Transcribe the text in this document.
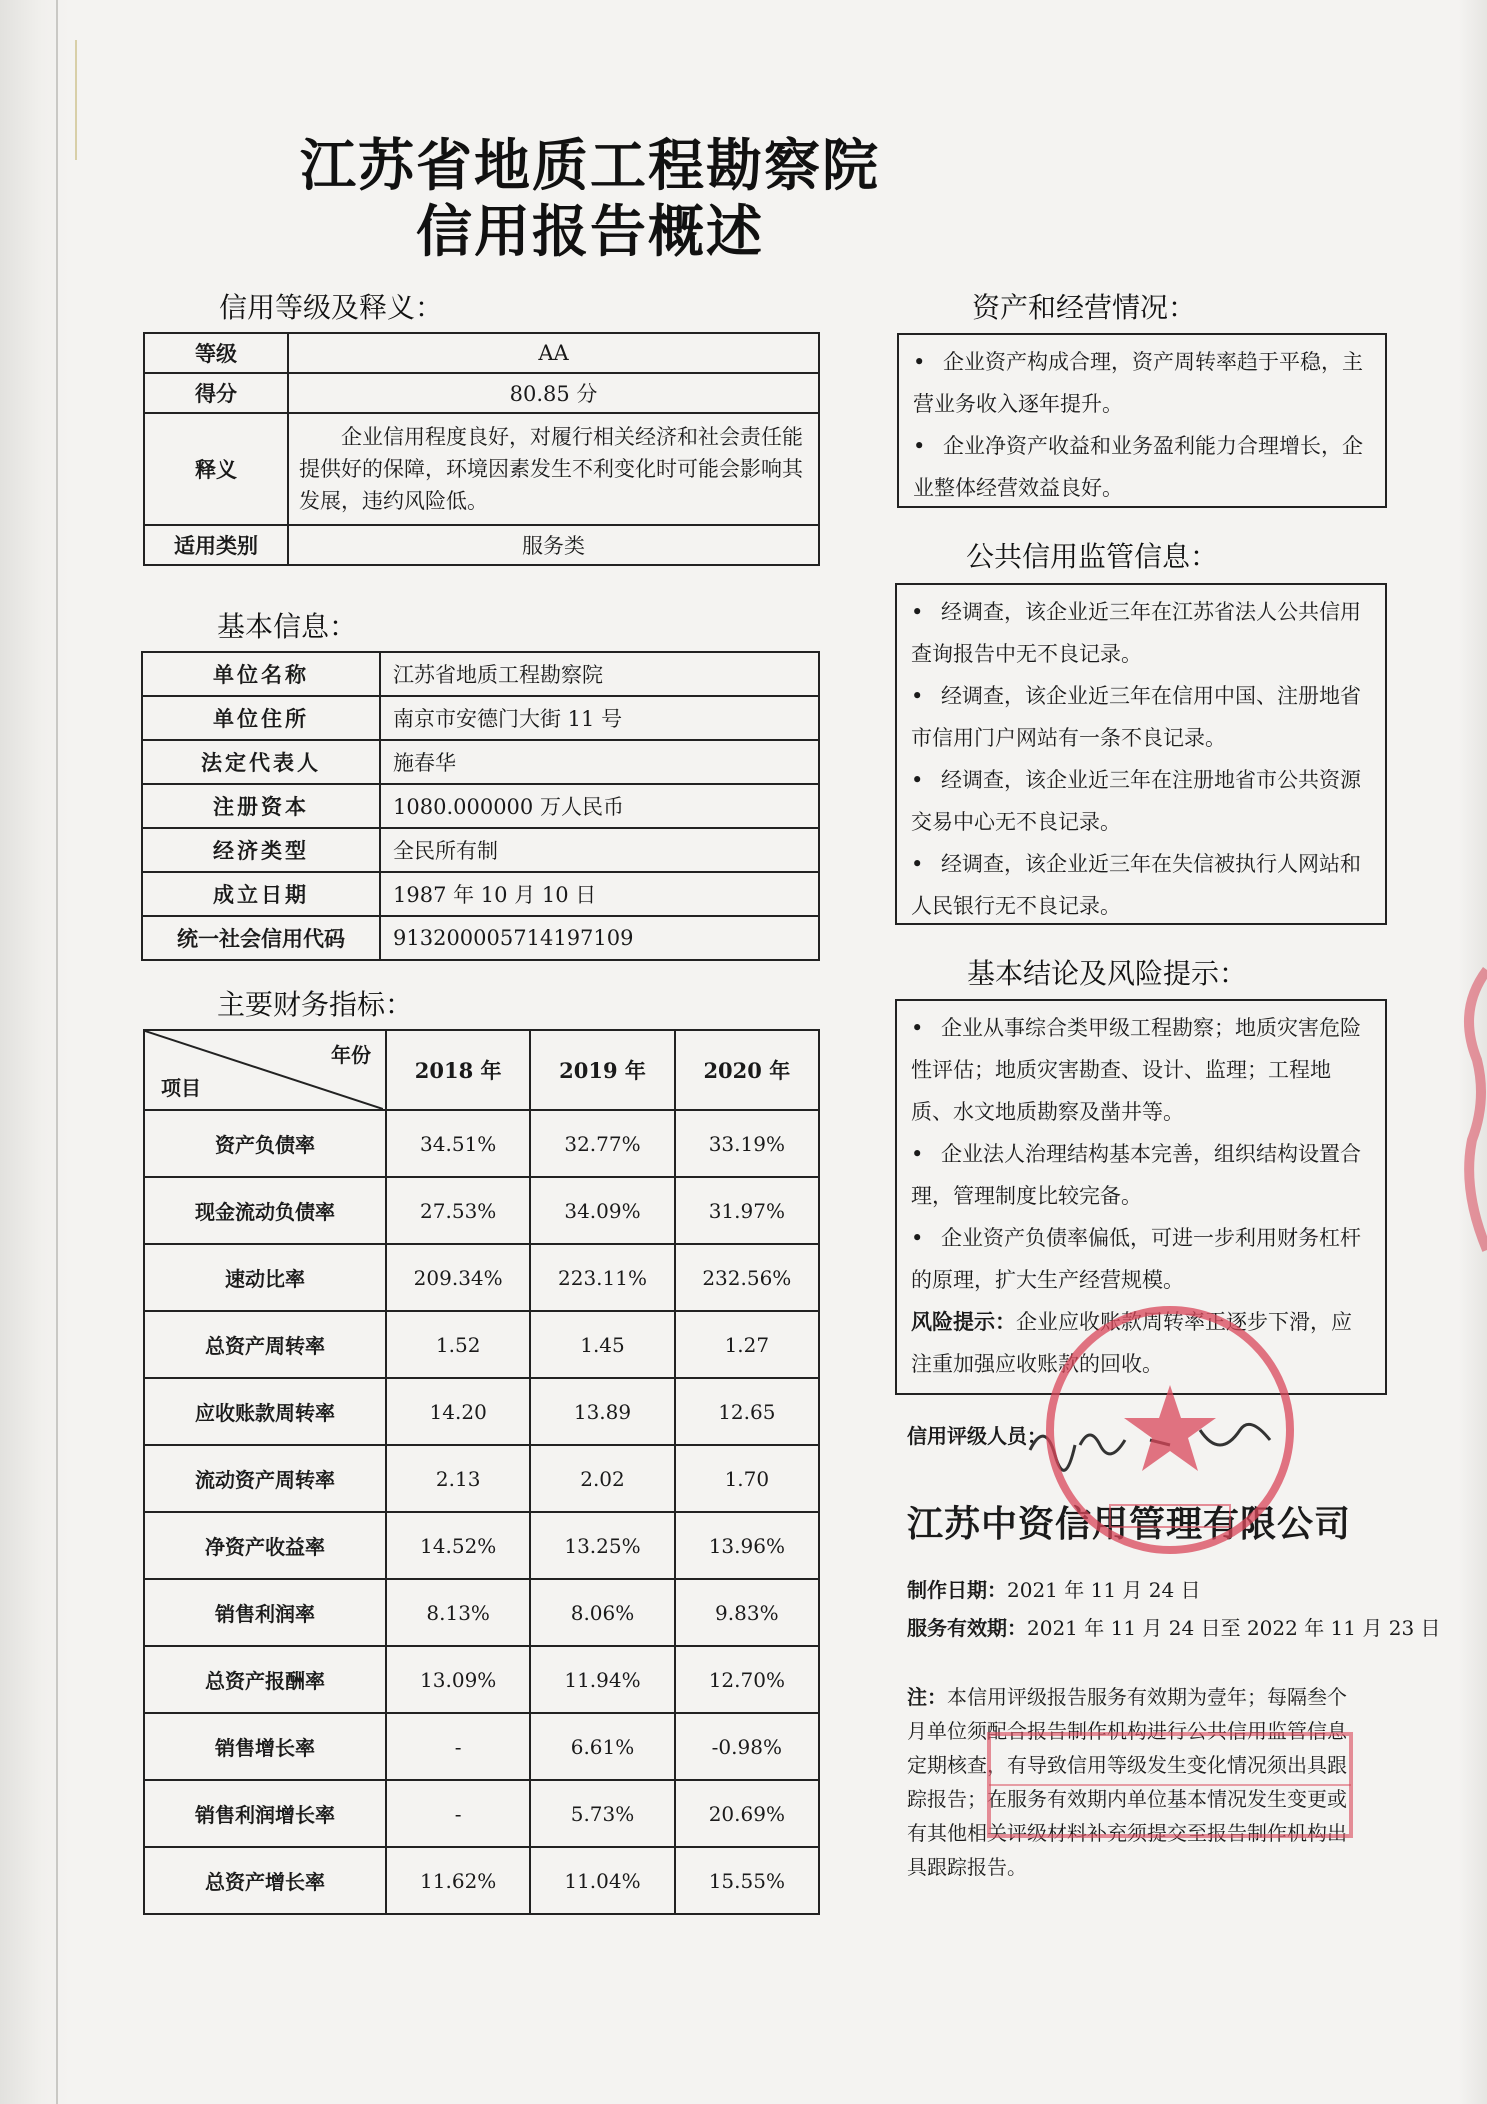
江苏省地质工程勘察院
信用报告概述
信用等级及释义：
等级	AA
得分	80.85 分
释义	企业信用程度良好，对履行相关经济和社会责任能提供好的保障，环境因素发生不利变化时可能会影响其发展，违约风险低。
适用类别	服务类
基本信息：
单位名称	江苏省地质工程勘察院
单位住所	南京市安德门大街 11 号
法定代表人	施春华
注册资本	1080.000000 万人民币
经济类型	全民所有制
成立日期	1987 年 10 月 10 日
统一社会信用代码	913200005714197109
主要财务指标：
年份
项目	2018 年	2019 年	2020 年
资产负债率	34.51%	32.77%	33.19%
现金流动负债率	27.53%	34.09%	31.97%
速动比率	209.34%	223.11%	232.56%
总资产周转率	1.52	1.45	1.27
应收账款周转率	14.20	13.89	12.65
流动资产周转率	2.13	2.02	1.70
净资产收益率	14.52%	13.25%	13.96%
销售利润率	8.13%	8.06%	9.83%
总资产报酬率	13.09%	11.94%	12.70%
销售增长率	-	6.61%	-0.98%
销售利润增长率	-	5.73%	20.69%
总资产增长率	11.62%	11.04%	15.55%
资产和经营情况：

• 企业资产构成合理，资产周转率趋于平稳，主营业务收入逐年提升。

• 企业净资产收益和业务盈利能力合理增长，企业整体经营效益良好。

公共信用监管信息：

• 经调查，该企业近三年在江苏省法人公共信用查询报告中无不良记录。

• 经调查，该企业近三年在信用中国、注册地省市信用门户网站有一条不良记录。

• 经调查，该企业近三年在注册地省市公共资源交易中心无不良记录。

• 经调查，该企业近三年在失信被执行人网站和人民银行无不良记录。

基本结论及风险提示：

• 企业从事综合类甲级工程勘察；地质灾害危险性评估；地质灾害勘查、设计、监理；工程地质、水文地质勘察及凿井等。

• 企业法人治理结构基本完善，组织结构设置合理，管理制度比较完备。

• 企业资产负债率偏低，可进一步利用财务杠杆的原理，扩大生产经营规模。

风险提示：企业应收账款周转率正逐步下滑，应注重加强应收账款的回收。

信用评级人员：
江苏中资信用管理有限公司
制作日期：2021 年 11 月 24 日
服务有效期：2021 年 11 月 24 日至 2022 年 11 月 23 日
注：本信用评级报告服务有效期为壹年；每隔叁个月单位须配合报告制作机构进行公共信用监管信息定期核查，有导致信用等级发生变化情况须出具跟踪报告；在服务有效期内单位基本情况发生变更或有其他相关评级材料补充须提交至报告制作机构出具跟踪报告。
